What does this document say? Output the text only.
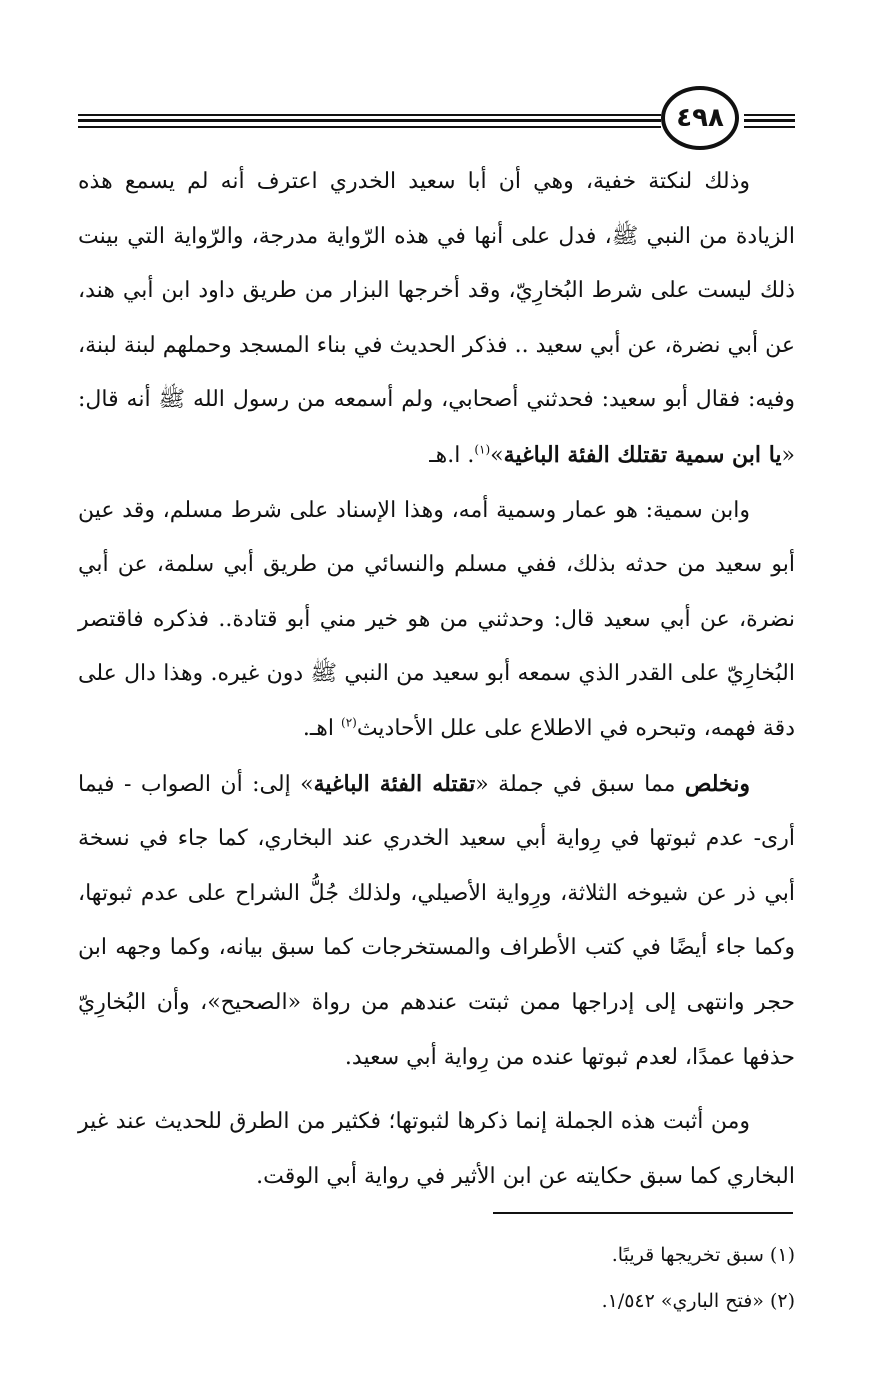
٤٩٨

وذلك لنكتة خفية، وهي أن أبا سعيد الخدري اعترف أنه لم يسمع هذه الزيادة من النبي ﷺ، فدل على أنها في هذه الرّواية مدرجة، والرّواية التي بينت ذلك ليست على شرط البُخارِيّ، وقد أخرجها البزار من طريق داود ابن أبي هند، عن أبي نضرة، عن أبي سعيد .. فذكر الحديث في بناء المسجد وحملهم لبنة لبنة، وفيه: فقال أبو سعيد: فحدثني أصحابي، ولم أسمعه من رسول الله ﷺ أنه قال: «يا ابن سمية تقتلك الفئة الباغية»$^{(١)}$. ا.هـ

وابن سمية: هو عمار وسمية أمه، وهذا الإسناد على شرط مسلم، وقد عين أبو سعيد من حدثه بذلك، ففي مسلم والنسائي من طريق أبي سلمة، عن أبي نضرة، عن أبي سعيد قال: وحدثني من هو خير مني أبو قتادة.. فذكره فاقتصر البُخارِيّ على القدر الذي سمعه أبو سعيد من النبي ﷺ دون غيره. وهذا دال على دقة فهمه، وتبحره في الاطلاع على علل الأحاديث$^{(٢)}$ اهـ.

ونخلص مما سبق في جملة «تقتله الفئة الباغية» إلى: أن الصواب - فيما أرى- عدم ثبوتها في رِواية أبي سعيد الخدري عند البخاري، كما جاء في نسخة أبي ذر عن شيوخه الثلاثة، ورِواية الأصيلي، ولذلك جُلُّ الشراح على عدم ثبوتها، وكما جاء أيضًا في كتب الأطراف والمستخرجات كما سبق بيانه، وكما وجهه ابن حجر وانتهى إلى إدراجها ممن ثبتت عندهم من رواة «الصحيح»، وأن البُخارِيّ حذفها عمدًا، لعدم ثبوتها عنده من رِواية أبي سعيد.

ومن أثبت هذه الجملة إنما ذكرها لثبوتها؛ فكثير من الطرق للحديث عند غير البخاري كما سبق حكايته عن ابن الأثير في رواية أبي الوقت.

(١) سبق تخريجها قريبًا.

(٢) «فتح الباري» ١/٥٤٢.
